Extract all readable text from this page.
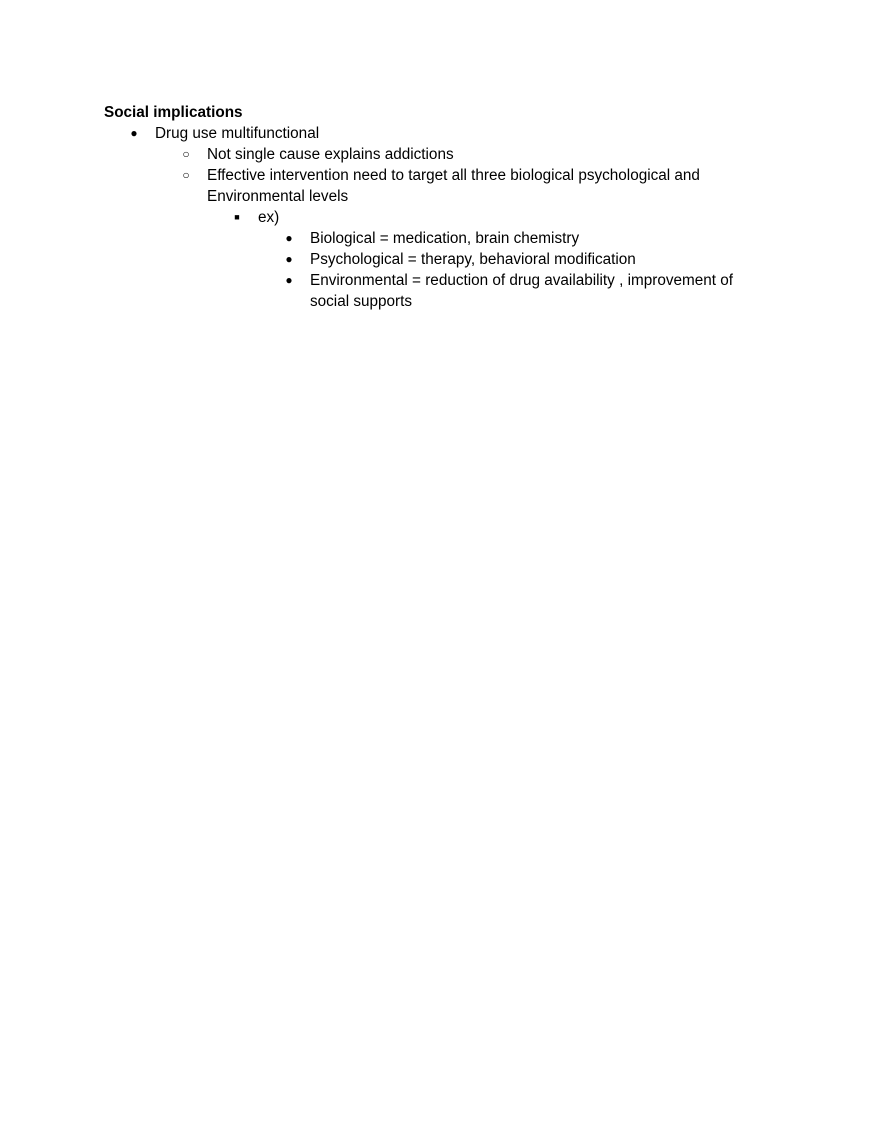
Social implications
● Drug use multifunctional
○ Not single cause explains addictions
○ Effective intervention need to target all three biological psychological and Environmental levels
■	ex)
● Biological = medication, brain chemistry
● Psychological = therapy, behavioral modification
● Environmental = reduction of drug availability , improvement of social supports
